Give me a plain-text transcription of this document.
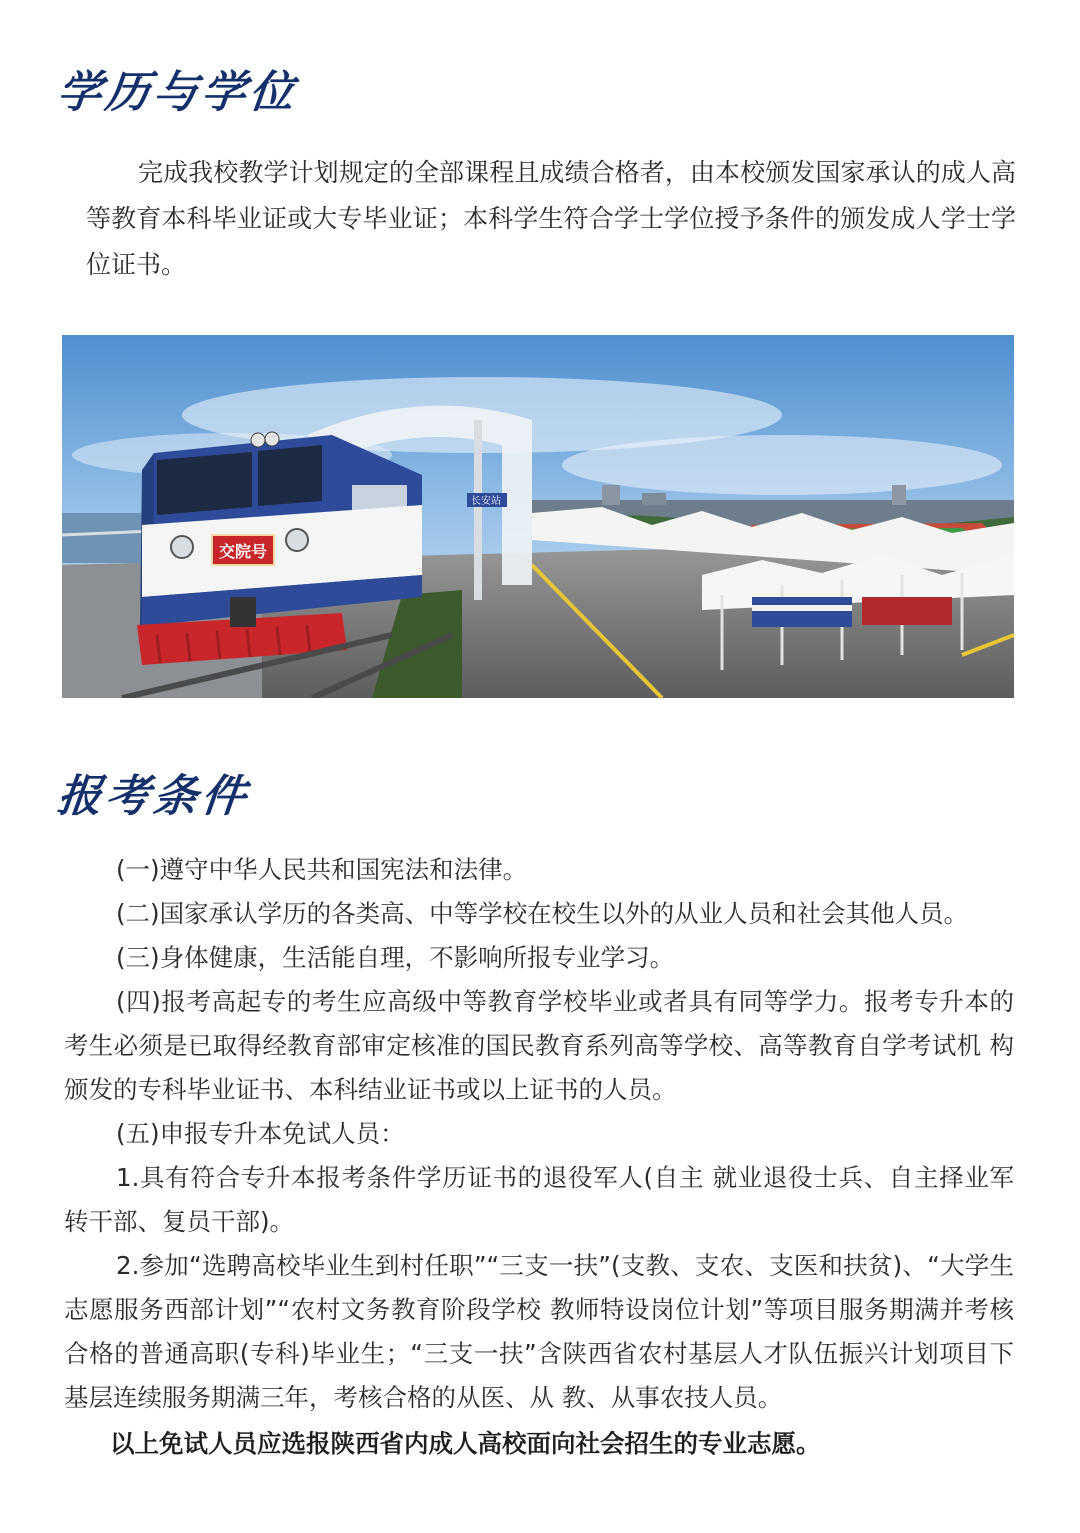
学历与学位

完成我校教学计划规定的全部课程且成绩合格者，由本校颁发国家承认的成人高等教育本科毕业证或大专毕业证；本科学生符合学士学位授予条件的颁发成人学士学位证书。

长安站
交院号
报考条件

(一)遵守中华人民共和国宪法和法律。

(二)国家承认学历的各类高、中等学校在校生以外的从业人员和社会其他人员。

(三)身体健康，生活能自理，不影响所报专业学习。

(四)报考高起专的考生应高级中等教育学校毕业或者具有同等学力。报考专升本的考生必须是已取得经教育部审定核准的国民教育系列高等学校、高等教育自学考试机 构颁发的专科毕业证书、本科结业证书或以上证书的人员。

(五)申报专升本免试人员：

1.具有符合专升本报考条件学历证书的退役军人(自主 就业退役士兵、自主择业军转干部、复员干部)。

2.参加“选聘高校毕业生到村任职”“三支一扶”(支教、支农、支医和扶贫)、“大学生志愿服务西部计划”“农村文务教育阶段学校 教师特设岗位计划”等项目服务期满并考核合格的普通高职(专科)毕业生；“三支一扶”含陕西省农村基层人才队伍振兴计划项目下基层连续服务期满三年，考核合格的从医、从 教、从事农技人员。

以上免试人员应选报陕西省内成人高校面向社会招生的专业志愿。
